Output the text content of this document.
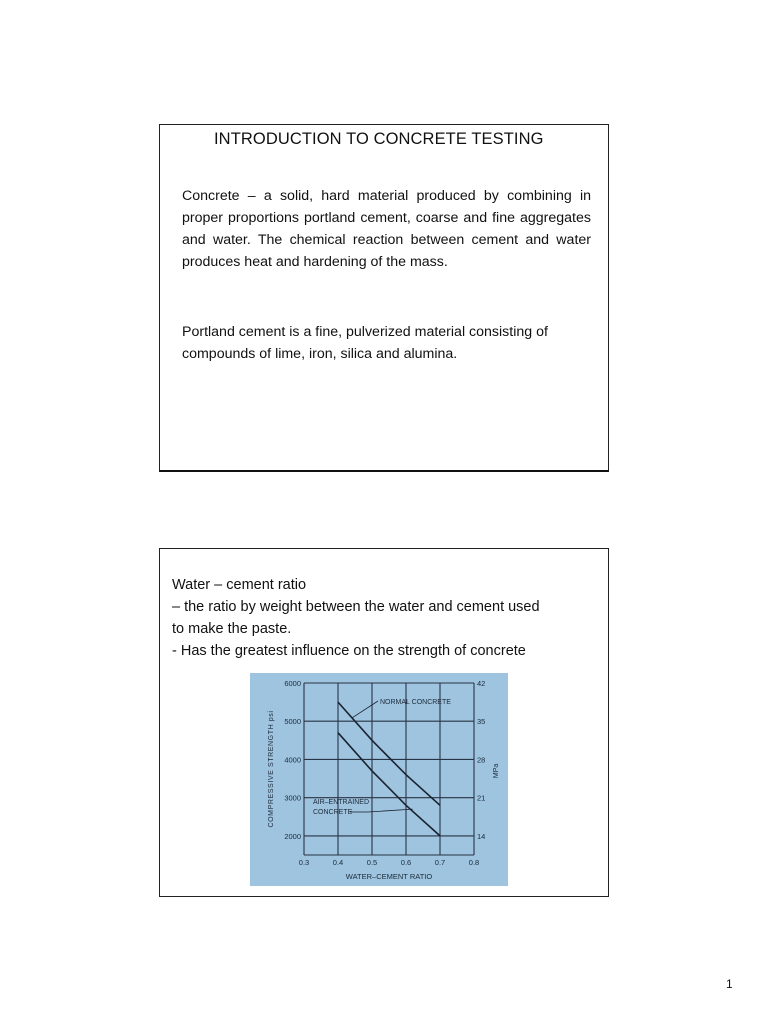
INTRODUCTION TO CONCRETE TESTING

Concrete – a solid, hard material produced by combining in proper proportions portland cement, coarse and fine aggregates and water. The chemical reaction between cement and water produces heat and hardening of the mass.

Portland cement is a fine, pulverized material consisting of compounds of lime, iron, silica and alumina.

Water – cement ratio
– the ratio by weight between the water and cement used
to make the paste.
- Has the greatest influence on the strength of concrete
0.3	0.4	0.5	0.6	0.7	0.8
6000	42
5000	35
4000	28
3000	21
2000	14
NORMAL CONCRETE
AIR–ENTRAINED
CONCRETE
WATER–CEMENT RATIO
COMPRESSIVE STRENGTH psi	MPa
1
